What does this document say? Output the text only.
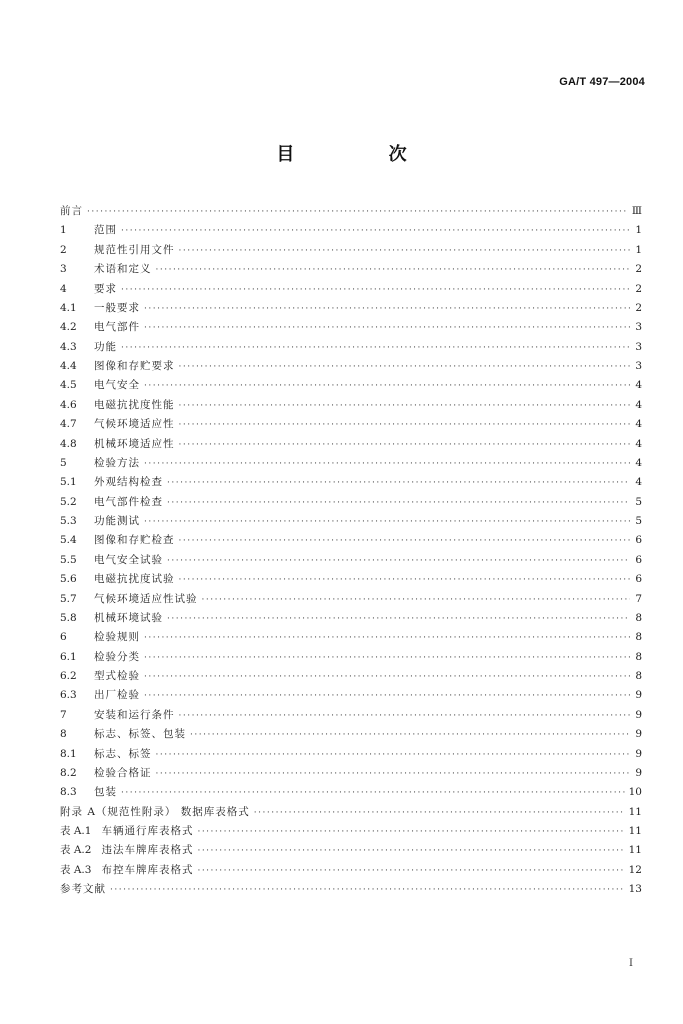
GA/T 497—2004
目 次
前言 ·····	Ⅲ
1	范围 ·····	1
2	规范性引用文件 ·····	1
3	术语和定义 ·····	2
4	要求 ·····	2
4.1	一般要求 ·····	2
4.2	电气部件 ·····	3
4.3	功能 ·····	3
4.4	图像和存贮要求 ·····	3
4.5	电气安全 ·····	4
4.6	电磁抗扰度性能 ·····	4
4.7	气候环境适应性 ·····	4
4.8	机械环境适应性 ·····	4
5	检验方法 ·····	4
5.1	外观结构检查 ·····	4
5.2	电气部件检查 ·····	5
5.3	功能测试 ·····	5
5.4	图像和存贮检查 ·····	6
5.5	电气安全试验 ·····	6
5.6	电磁抗扰度试验 ·····	6
5.7	气候环境适应性试验 ·····	7
5.8	机械环境试验 ·····	8
6	检验规则 ·····	8
6.1	检验分类 ·····	8
6.2	型式检验 ·····	8
6.3	出厂检验 ·····	9
7	安装和运行条件 ·····	9
8	标志、标签、包装 ·····	9
8.1	标志、标签 ·····	9
8.2	检验合格证 ·····	9
8.3	包装 ·····	10
附录 A（规范性附录） 数据库表格式 ·····	11
表 A.1 车辆通行库表格式 ·····	11
表 A.2 违法车牌库表格式 ·····	11
表 A.3 布控车牌库表格式 ·····	12
参考文献 ·····	13
I
